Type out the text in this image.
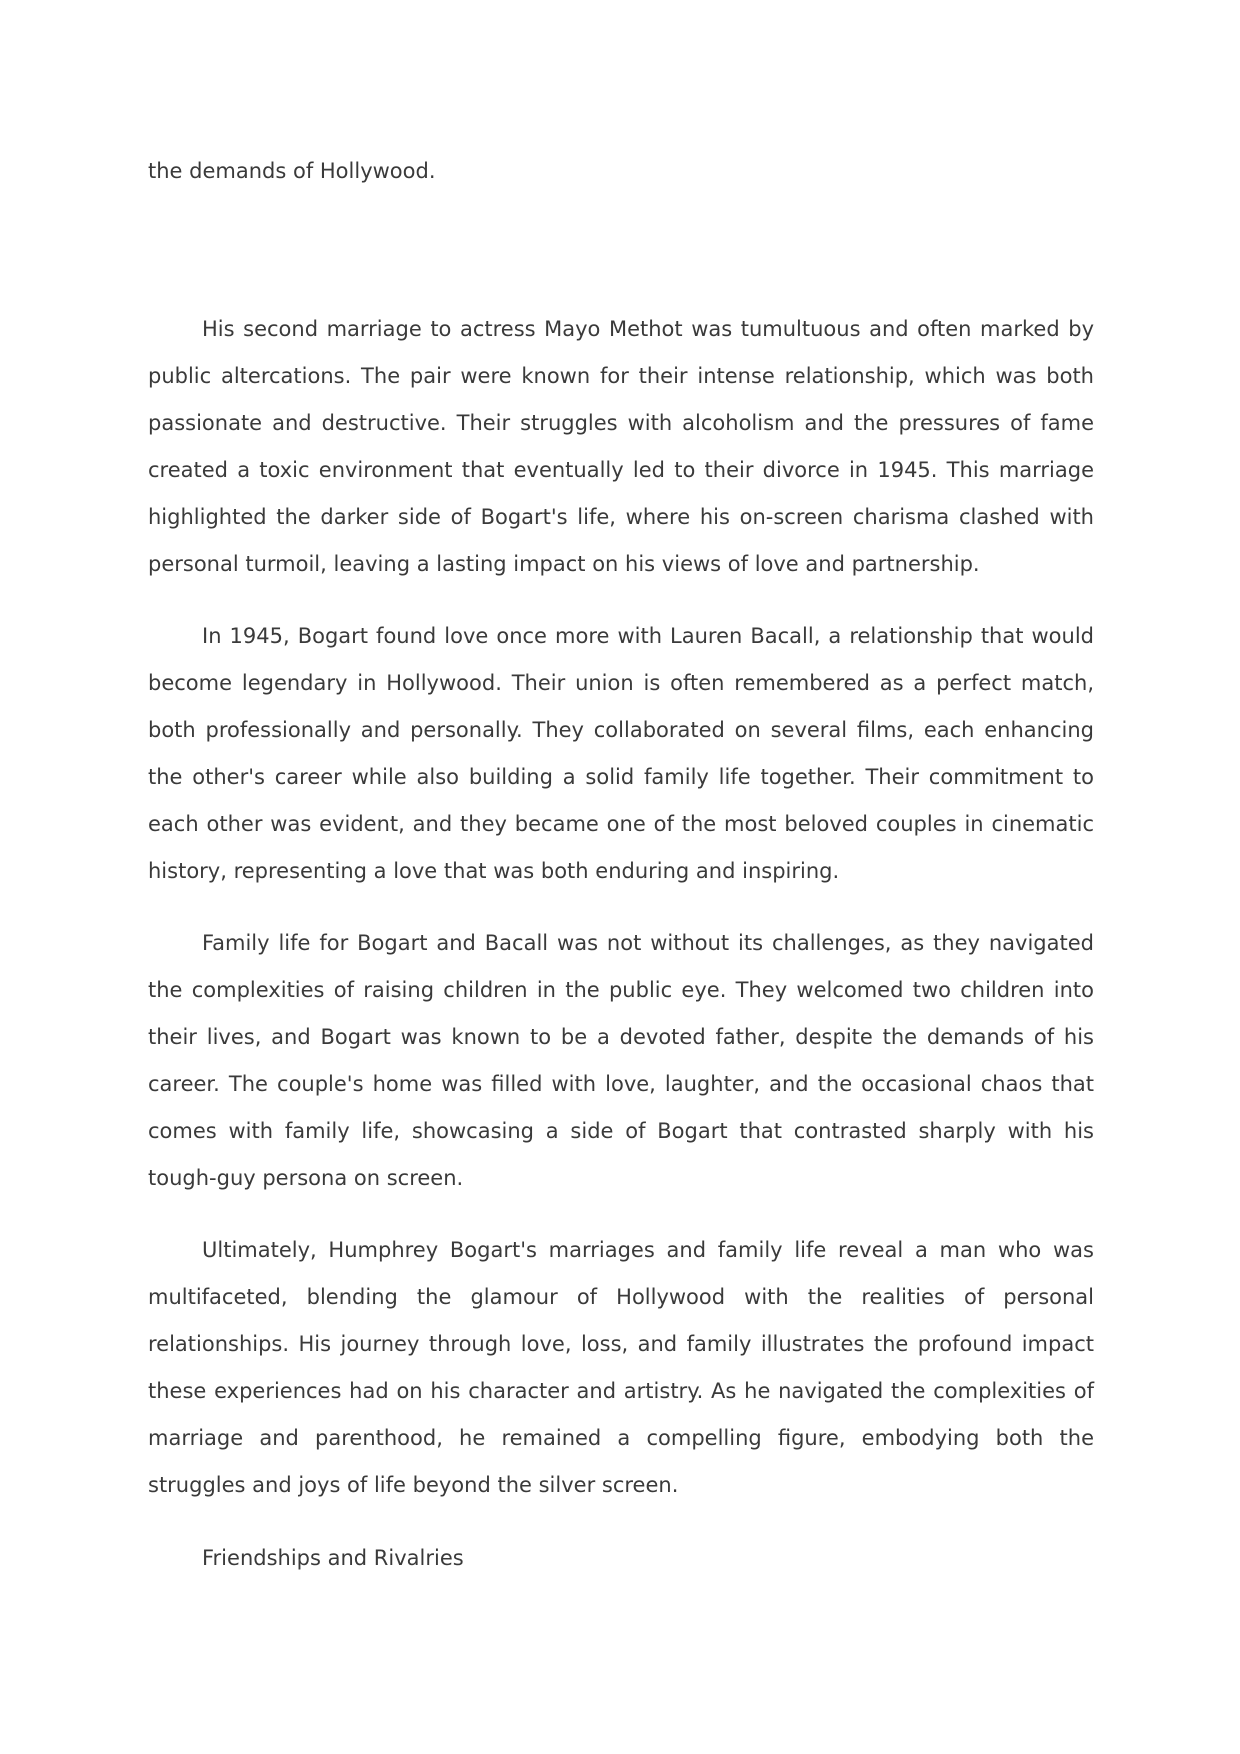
the demands of Hollywood.

His second marriage to actress Mayo Methot was tumultuous and often marked by public altercations. The pair were known for their intense relationship, which was both passionate and destructive. Their struggles with alcoholism and the pressures of fame created a toxic environment that eventually led to their divorce in 1945. This marriage highlighted the darker side of Bogart's life, where his on-screen charisma clashed with personal turmoil, leaving a lasting impact on his views of love and partnership.

In 1945, Bogart found love once more with Lauren Bacall, a relationship that would become legendary in Hollywood. Their union is often remembered as a perfect match, both professionally and personally. They collaborated on several films, each enhancing the other's career while also building a solid family life together. Their commitment to each other was evident, and they became one of the most beloved couples in cinematic history, representing a love that was both enduring and inspiring.

Family life for Bogart and Bacall was not without its challenges, as they navigated the complexities of raising children in the public eye. They welcomed two children into their lives, and Bogart was known to be a devoted father, despite the demands of his career. The couple's home was filled with love, laughter, and the occasional chaos that comes with family life, showcasing a side of Bogart that contrasted sharply with his tough-guy persona on screen.

Ultimately, Humphrey Bogart's marriages and family life reveal a man who was multifaceted, blending the glamour of Hollywood with the realities of personal relationships. His journey through love, loss, and family illustrates the profound impact these experiences had on his character and artistry. As he navigated the complexities of marriage and parenthood, he remained a compelling figure, embodying both the struggles and joys of life beyond the silver screen.

Friendships and Rivalries
